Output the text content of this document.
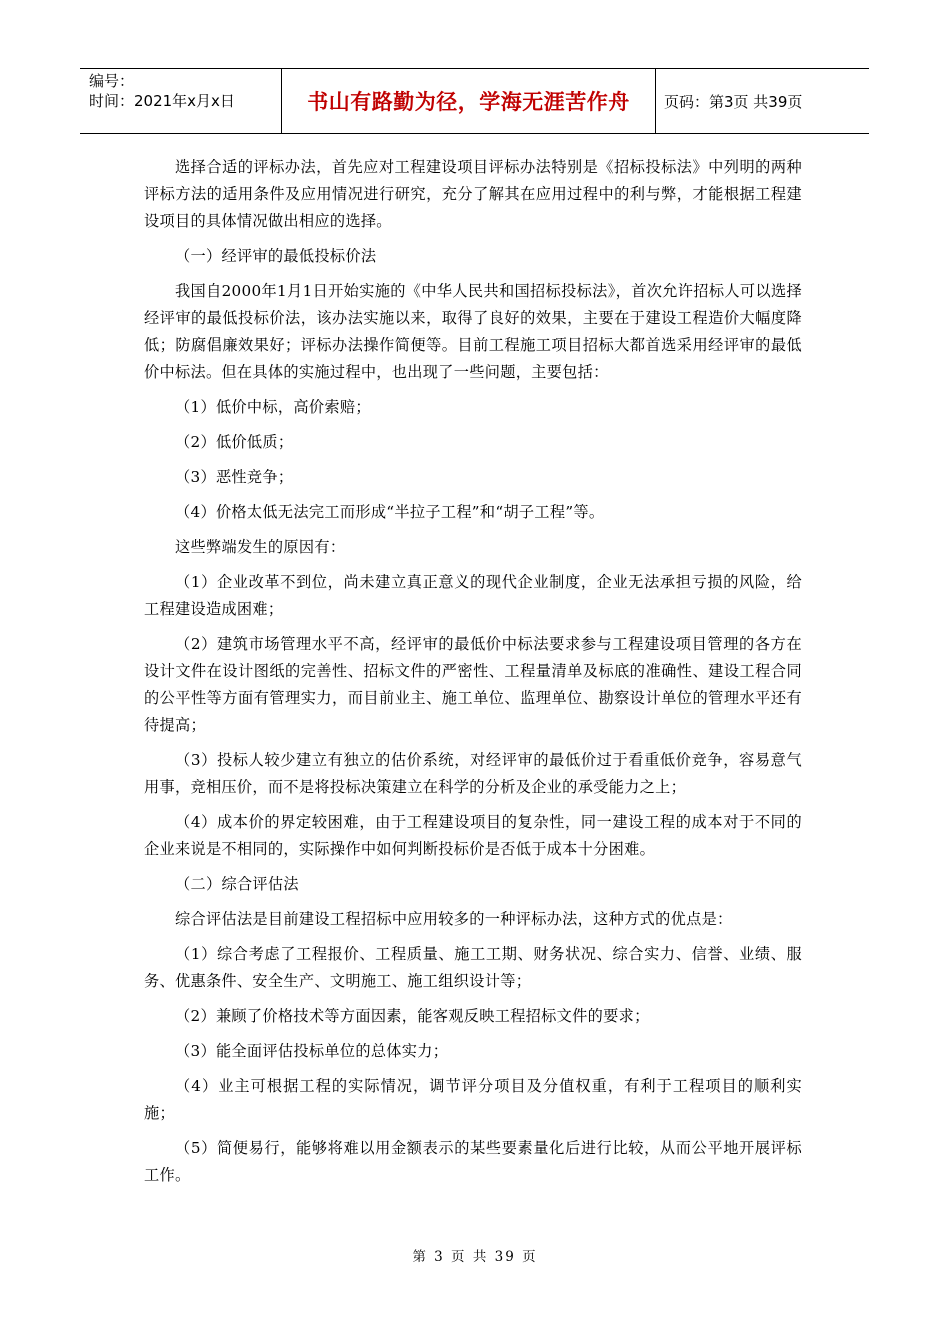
编号：
时间：2021年x月x日	书山有路勤为径，学海无涯苦作舟	页码：第3页 共39页

选择合适的评标办法，首先应对工程建设项目评标办法特别是《招标投标法》中列明的两种评标方法的适用条件及应用情况进行研究，充分了解其在应用过程中的利与弊，才能根据工程建设项目的具体情况做出相应的选择。

（一）经评审的最低投标价法

我国自2000年1月1日开始实施的《中华人民共和国招标投标法》，首次允许招标人可以选择经评审的最低投标价法，该办法实施以来，取得了良好的效果，主要在于建设工程造价大幅度降低；防腐倡廉效果好；评标办法操作简便等。目前工程施工项目招标大都首选采用经评审的最低价中标法。但在具体的实施过程中，也出现了一些问题，主要包括：

（1）低价中标，高价索赔；

（2）低价低质；

（3）恶性竞争；

（4）价格太低无法完工而形成“半拉子工程”和“胡子工程”等。

这些弊端发生的原因有：

（1）企业改革不到位，尚未建立真正意义的现代企业制度，企业无法承担亏损的风险，给工程建设造成困难；

（2）建筑市场管理水平不高，经评审的最低价中标法要求参与工程建设项目管理的各方在设计文件在设计图纸的完善性、招标文件的严密性、工程量清单及标底的准确性、建设工程合同的公平性等方面有管理实力，而目前业主、施工单位、监理单位、勘察设计单位的管理水平还有待提高；

（3）投标人较少建立有独立的估价系统，对经评审的最低价过于看重低价竞争，容易意气用事，竞相压价，而不是将投标决策建立在科学的分析及企业的承受能力之上；

（4）成本价的界定较困难，由于工程建设项目的复杂性，同一建设工程的成本对于不同的企业来说是不相同的，实际操作中如何判断投标价是否低于成本十分困难。

（二）综合评估法

综合评估法是目前建设工程招标中应用较多的一种评标办法，这种方式的优点是：

（1）综合考虑了工程报价、工程质量、施工工期、财务状况、综合实力、信誉、业绩、服务、优惠条件、安全生产、文明施工、施工组织设计等；

（2）兼顾了价格技术等方面因素，能客观反映工程招标文件的要求；

（3）能全面评估投标单位的总体实力；

（4）业主可根据工程的实际情况，调节评分项目及分值权重，有利于工程项目的顺利实施；

（5）简便易行，能够将难以用金额表示的某些要素量化后进行比较，从而公平地开展评标工作。

第 3 页 共 39 页
